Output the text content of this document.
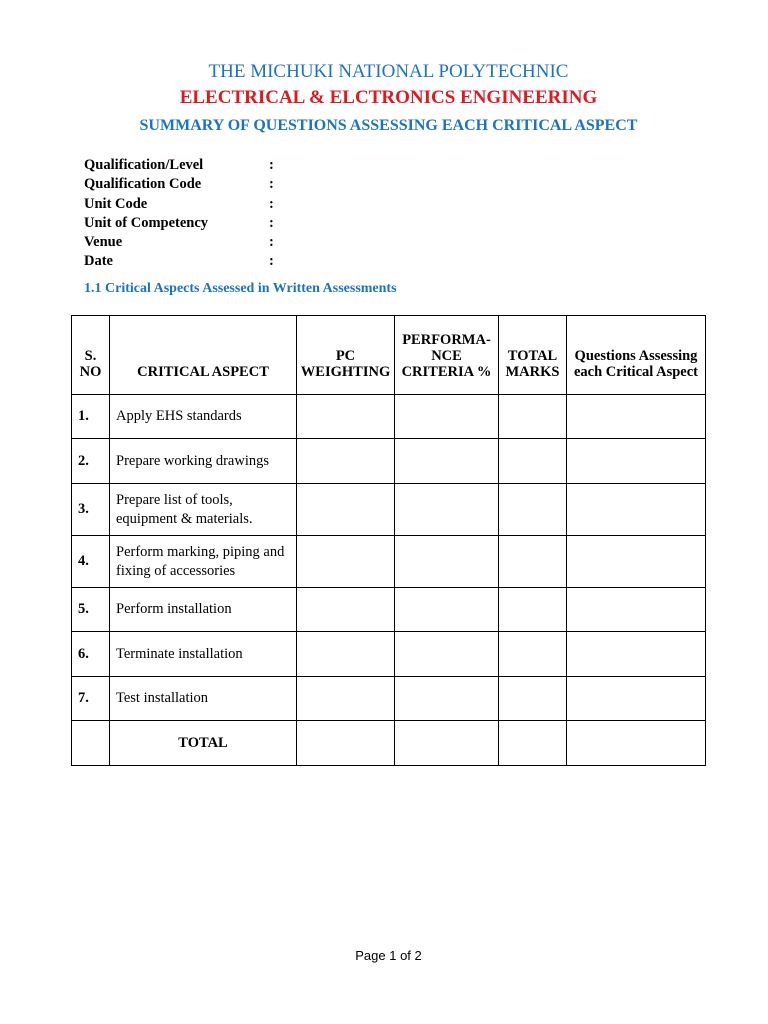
THE MICHUKI NATIONAL POLYTECHNIC
ELECTRICAL & ELCTRONICS ENGINEERING
SUMMARY OF QUESTIONS ASSESSING EACH CRITICAL ASPECT
Qualification/Level	:
Qualification Code	:
Unit Code	:
Unit of Competency	:
Venue	:
Date	:
1.1 Critical Aspects Assessed in Written Assessments
S. NO	CRITICAL ASPECT	PC WEIGHTING	PERFORMA-NCE CRITERIA %	TOTAL MARKS	Questions Assessing each Critical Aspect
1.	Apply EHS standards				
2.	Prepare working drawings				
3.	Prepare list of tools, equipment & materials.				
4.	Perform marking, piping and fixing of accessories				
5.	Perform installation				
6.	Terminate installation				
7.	Test installation				
	TOTAL				
Page 1 of 2
